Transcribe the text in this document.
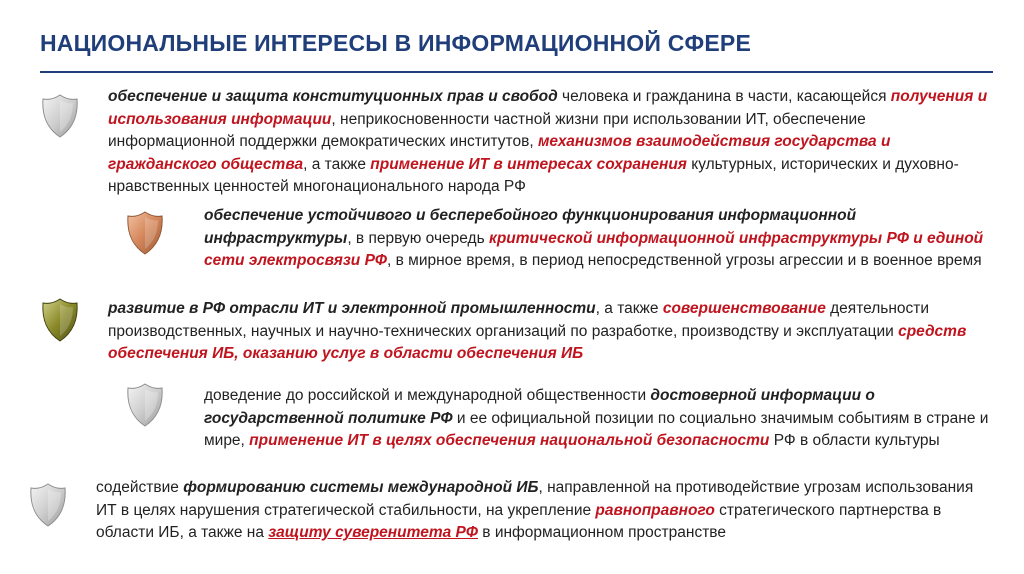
НАЦИОНАЛЬНЫЕ ИНТЕРЕСЫ В ИНФОРМАЦИОННОЙ СФЕРЕ
обеспечение и защита конституционных прав и свобод человека и гражданина в части, касающейся получения и использования информации, неприкосновенности частной жизни при использовании ИТ, обеспечение информационной поддержки демократических институтов, механизмов взаимодействия государства и гражданского общества, а также применение ИТ в интересах сохранения культурных, исторических и духовно-нравственных ценностей многонационального народа РФ
обеспечение устойчивого и бесперебойного функционирования информационной инфраструктуры, в первую очередь критической информационной инфраструктуры РФ и единой сети электросвязи РФ, в мирное время, в период непосредственной угрозы агрессии и в военное время
развитие в РФ отрасли ИТ и электронной промышленности, а также совершенствование деятельности производственных, научных и научно-технических организаций по разработке, производству и эксплуатации средств обеспечения ИБ, оказанию услуг в области обеспечения ИБ
доведение до российской и международной общественности достоверной информации о государственной политике РФ и ее официальной позиции по социально значимым событиям в стране и мире, применение ИТ в целях обеспечения национальной безопасности РФ в области культуры
содействие формированию системы международной ИБ, направленной на противодействие угрозам использования ИТ в целях нарушения стратегической стабильности, на укрепление равноправного стратегического партнерства в области ИБ, а также на защиту суверенитета РФ в информационном пространстве
